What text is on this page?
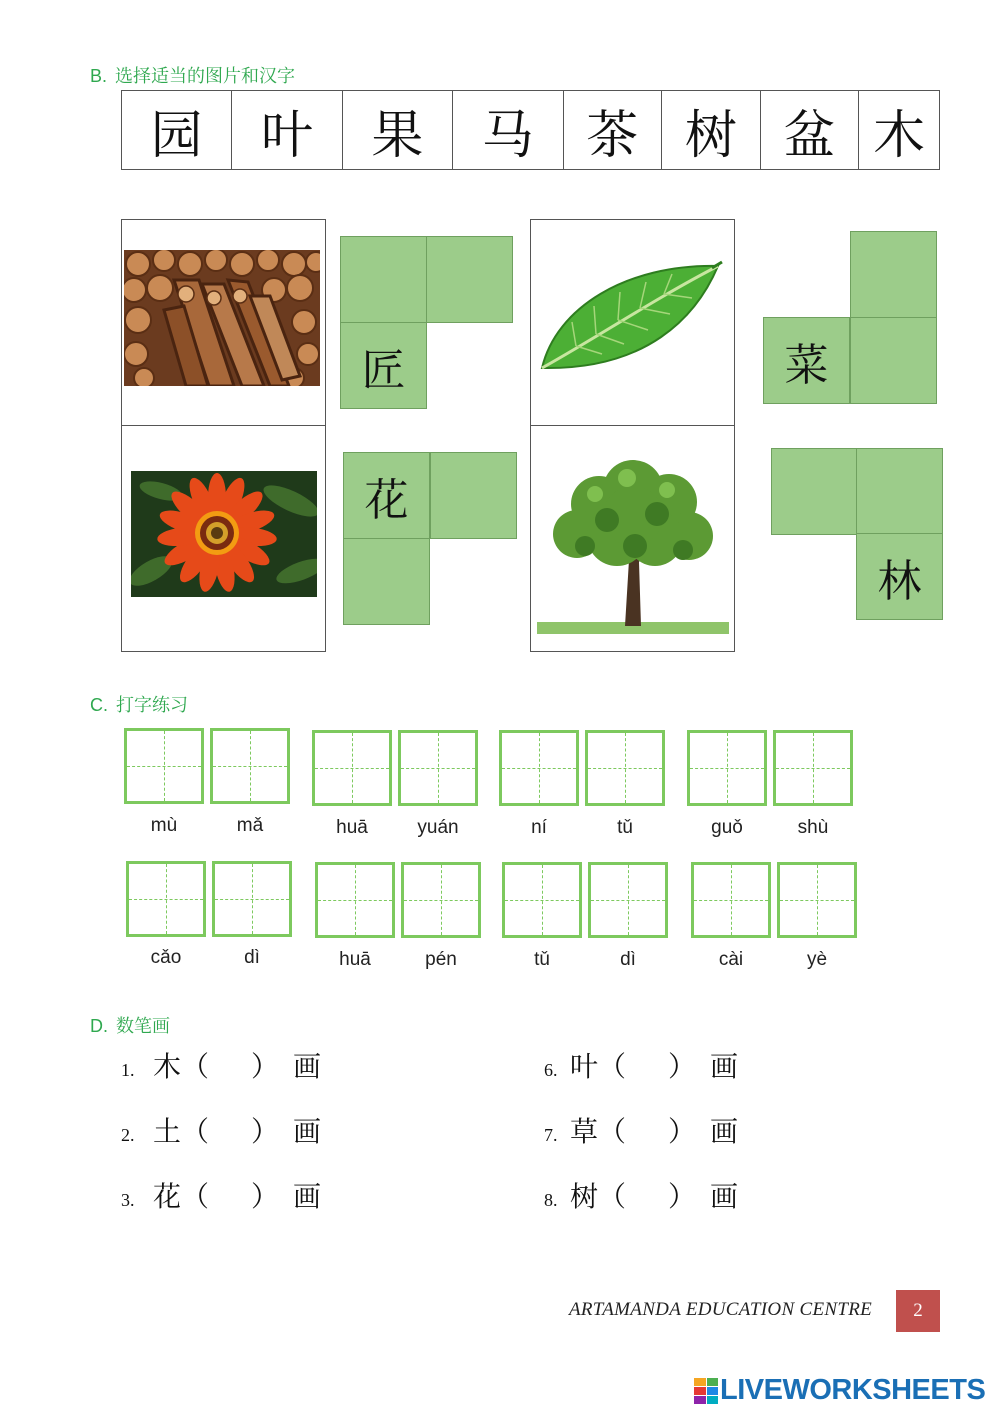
B. 选择适当的图片和汉字
园	叶	果	马	茶 树 盆 木
匠	菜
花
林
C. 打字练习
mù	mǎ	huā	yuán	ní	tǔ	guǒ	shù
cǎo	dì	huā	pén	tǔ	dì	cài	yè
D. 数笔画
1. 木 （ ） 画
2. 土 （ ） 画
3. 花 （ ） 画
6. 叶 （ ） 画
7. 草 （ ） 画
8. 树 （ ） 画
ARTAMANDA EDUCATION CENTRE	2
LIVEWORKSHEETS
